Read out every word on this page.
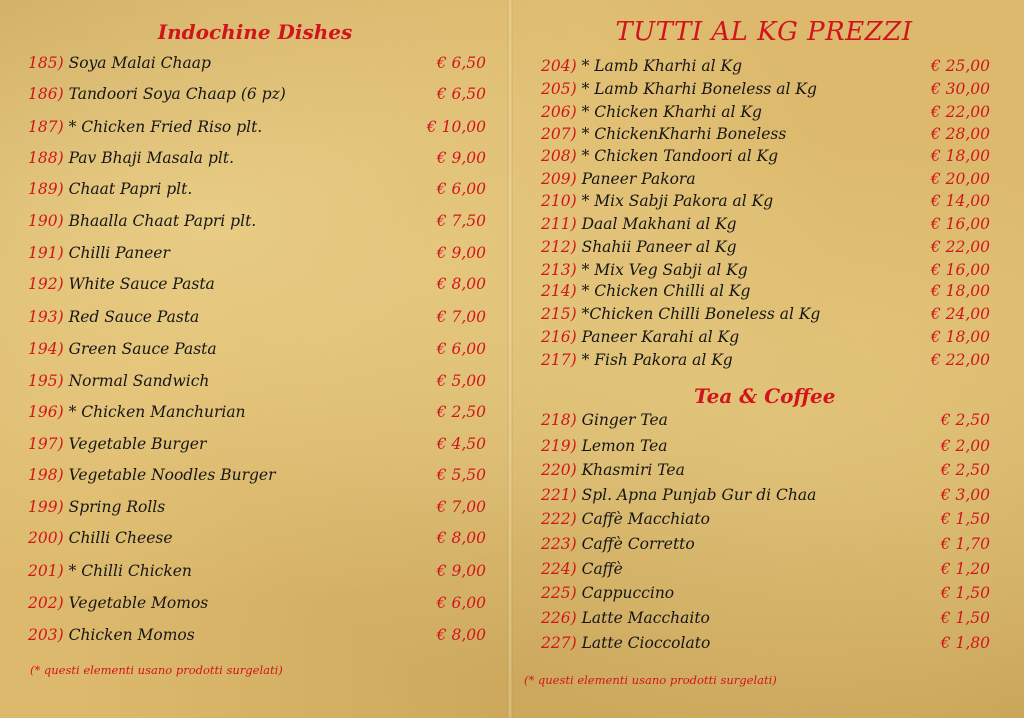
Indochine Dishes
185) Soya Malai Chaap	€ 6,50
186) Tandoori Soya Chaap (6 pz)	€ 6,50
187) * Chicken Fried Riso plt.	€ 10,00
188) Pav Bhaji Masala plt.	€ 9,00
189) Chaat Papri plt.	€ 6,00
190) Bhaalla Chaat Papri plt.	€ 7,50
191) Chilli Paneer	€ 9,00
192) White Sauce Pasta	€ 8,00
193) Red Sauce Pasta	€ 7,00
194) Green Sauce Pasta	€ 6,00
195) Normal Sandwich	€ 5,00
196) * Chicken Manchurian	€ 2,50
197) Vegetable Burger	€ 4,50
198) Vegetable Noodles Burger	€ 5,50
199) Spring Rolls	€ 7,00
200) Chilli Cheese	€ 8,00
201) * Chilli Chicken	€ 9,00
202) Vegetable Momos	€ 6,00
203) Chicken Momos	€ 8,00
(* questi elementi usano prodotti surgelati)
TUTTI AL KG PREZZI
204) * Lamb Kharhi al Kg	€ 25,00
205) * Lamb Kharhi Boneless al Kg	€ 30,00
206) * Chicken Kharhi al Kg	€ 22,00
207) * ChickenKharhi Boneless	€ 28,00
208) * Chicken Tandoori al Kg	€ 18,00
209) Paneer Pakora	€ 20,00
210) * Mix Sabji Pakora al Kg	€ 14,00
211) Daal Makhani al Kg	€ 16,00
212) Shahii Paneer al Kg	€ 22,00
213) * Mix Veg Sabji al Kg	€ 16,00
214) * Chicken Chilli al Kg	€ 18,00
215) *Chicken Chilli Boneless al Kg	€ 24,00
216) Paneer Karahi al Kg	€ 18,00
217) * Fish Pakora al Kg	€ 22,00
Tea & Coffee
218) Ginger Tea	€ 2,50
219) Lemon Tea	€ 2,00
220) Khasmiri Tea	€ 2,50
221) Spl. Apna Punjab Gur di Chaa	€ 3,00
222) Caffè Macchiato	€ 1,50
223) Caffè Corretto	€ 1,70
224) Caffè	€ 1,20
225) Cappuccino	€ 1,50
226) Latte Macchaito	€ 1,50
227) Latte Cioccolato	€ 1,80
(* questi elementi usano prodotti surgelati)
